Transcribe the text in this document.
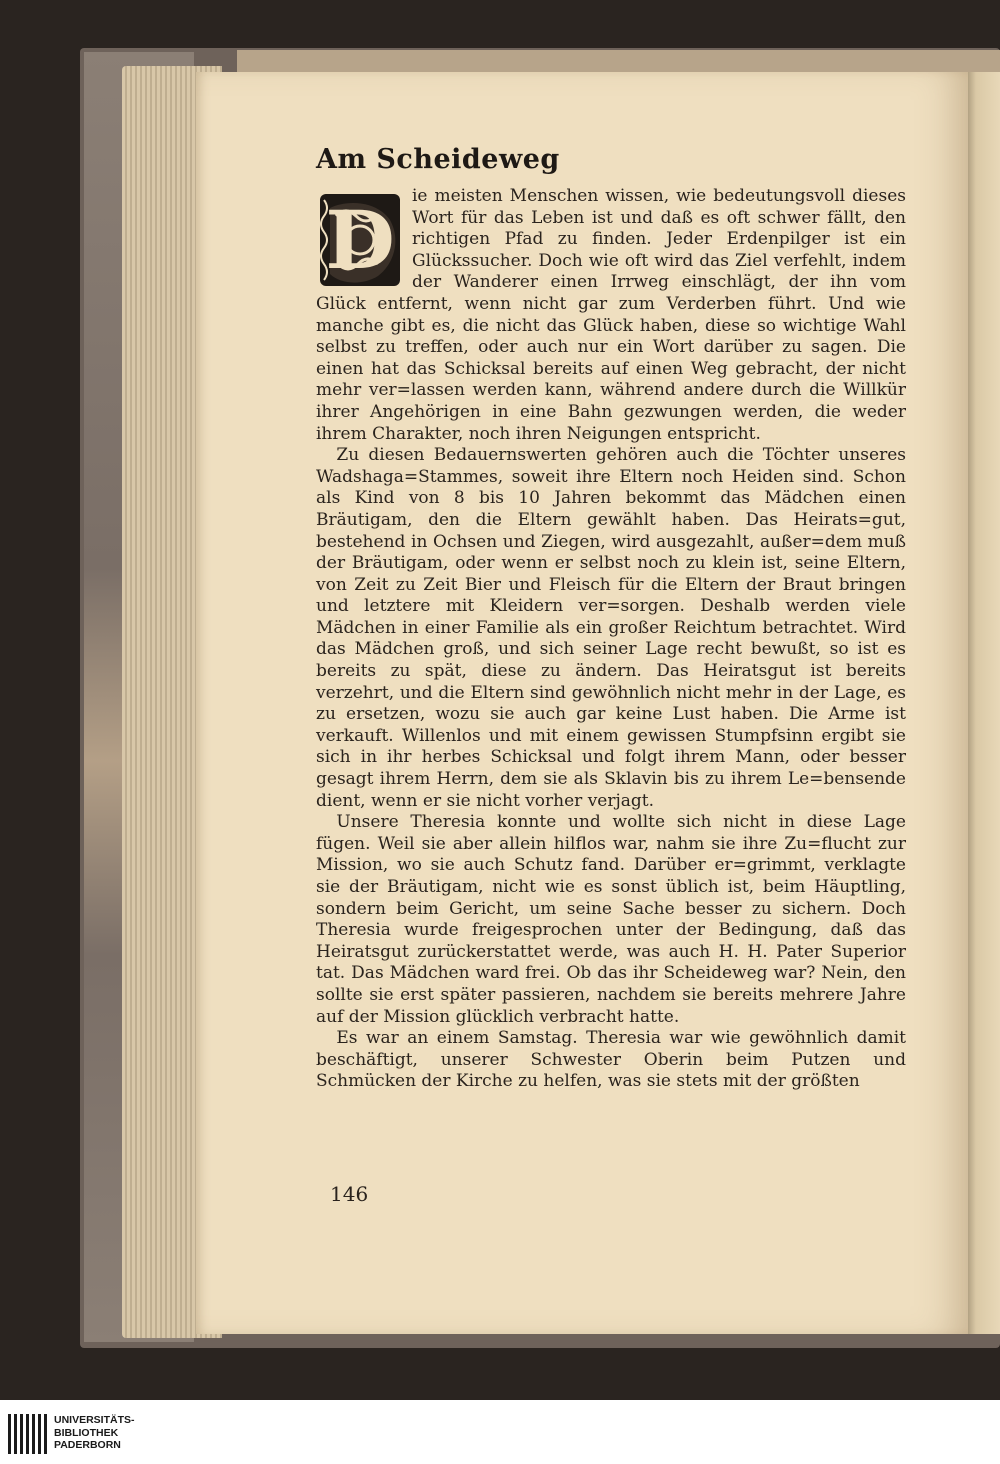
Am Scheideweg
D	ie meisten Menschen wissen, wie bedeutungsvoll dieses Wort für das Leben ist und daß es oft schwer fällt, den richtigen Pfad zu finden. Jeder Erdenpilger ist ein Glückssucher. Doch wie oft wird das Ziel verfehlt, indem der Wanderer einen Irrweg einschlägt, der ihn vom Glück entfernt, wenn nicht gar zum Verderben führt. Und wie manche gibt es, die nicht das Glück haben, diese so wichtige Wahl selbst zu treffen, oder auch nur ein Wort darüber zu sagen. Die einen hat das Schicksal bereits auf einen Weg gebracht, der nicht mehr ver=lassen werden kann, während andere durch die Willkür ihrer Angehörigen in eine Bahn gezwungen werden, die weder ihrem Charakter, noch ihren Neigungen entspricht.

Zu diesen Bedauernswerten gehören auch die Töchter unseres Wadshaga=Stammes, soweit ihre Eltern noch Heiden sind. Schon als Kind von 8 bis 10 Jahren bekommt das Mädchen einen Bräutigam, den die Eltern gewählt haben. Das Heirats=gut, bestehend in Ochsen und Ziegen, wird ausgezahlt, außer=dem muß der Bräutigam, oder wenn er selbst noch zu klein ist, seine Eltern, von Zeit zu Zeit Bier und Fleisch für die Eltern der Braut bringen und letztere mit Kleidern ver=sorgen. Deshalb werden viele Mädchen in einer Familie als ein großer Reichtum betrachtet. Wird das Mädchen groß, und sich seiner Lage recht bewußt, so ist es bereits zu spät, diese zu ändern. Das Heiratsgut ist bereits verzehrt, und die Eltern sind gewöhnlich nicht mehr in der Lage, es zu ersetzen, wozu sie auch gar keine Lust haben. Die Arme ist verkauft. Willenlos und mit einem gewissen Stumpfsinn ergibt sie sich in ihr herbes Schicksal und folgt ihrem Mann, oder besser gesagt ihrem Herrn, dem sie als Sklavin bis zu ihrem Le=bensende dient, wenn er sie nicht vorher verjagt.

Unsere Theresia konnte und wollte sich nicht in diese Lage fügen. Weil sie aber allein hilflos war, nahm sie ihre Zu=flucht zur Mission, wo sie auch Schutz fand. Darüber er=grimmt, verklagte sie der Bräutigam, nicht wie es sonst üblich ist, beim Häuptling, sondern beim Gericht, um seine Sache besser zu sichern. Doch Theresia wurde freigesprochen unter der Bedingung, daß das Heiratsgut zurückerstattet werde, was auch H. H. Pater Superior tat. Das Mädchen ward frei. Ob das ihr Scheideweg war? Nein, den sollte sie erst später passieren, nachdem sie bereits mehrere Jahre auf der Mission glücklich verbracht hatte.

Es war an einem Samstag. Theresia war wie gewöhnlich damit beschäftigt, unserer Schwester Oberin beim Putzen und Schmücken der Kirche zu helfen, was sie stets mit der größten

146
UNIVERSITÄTS-
BIBLIOTHEK
PADERBORN
